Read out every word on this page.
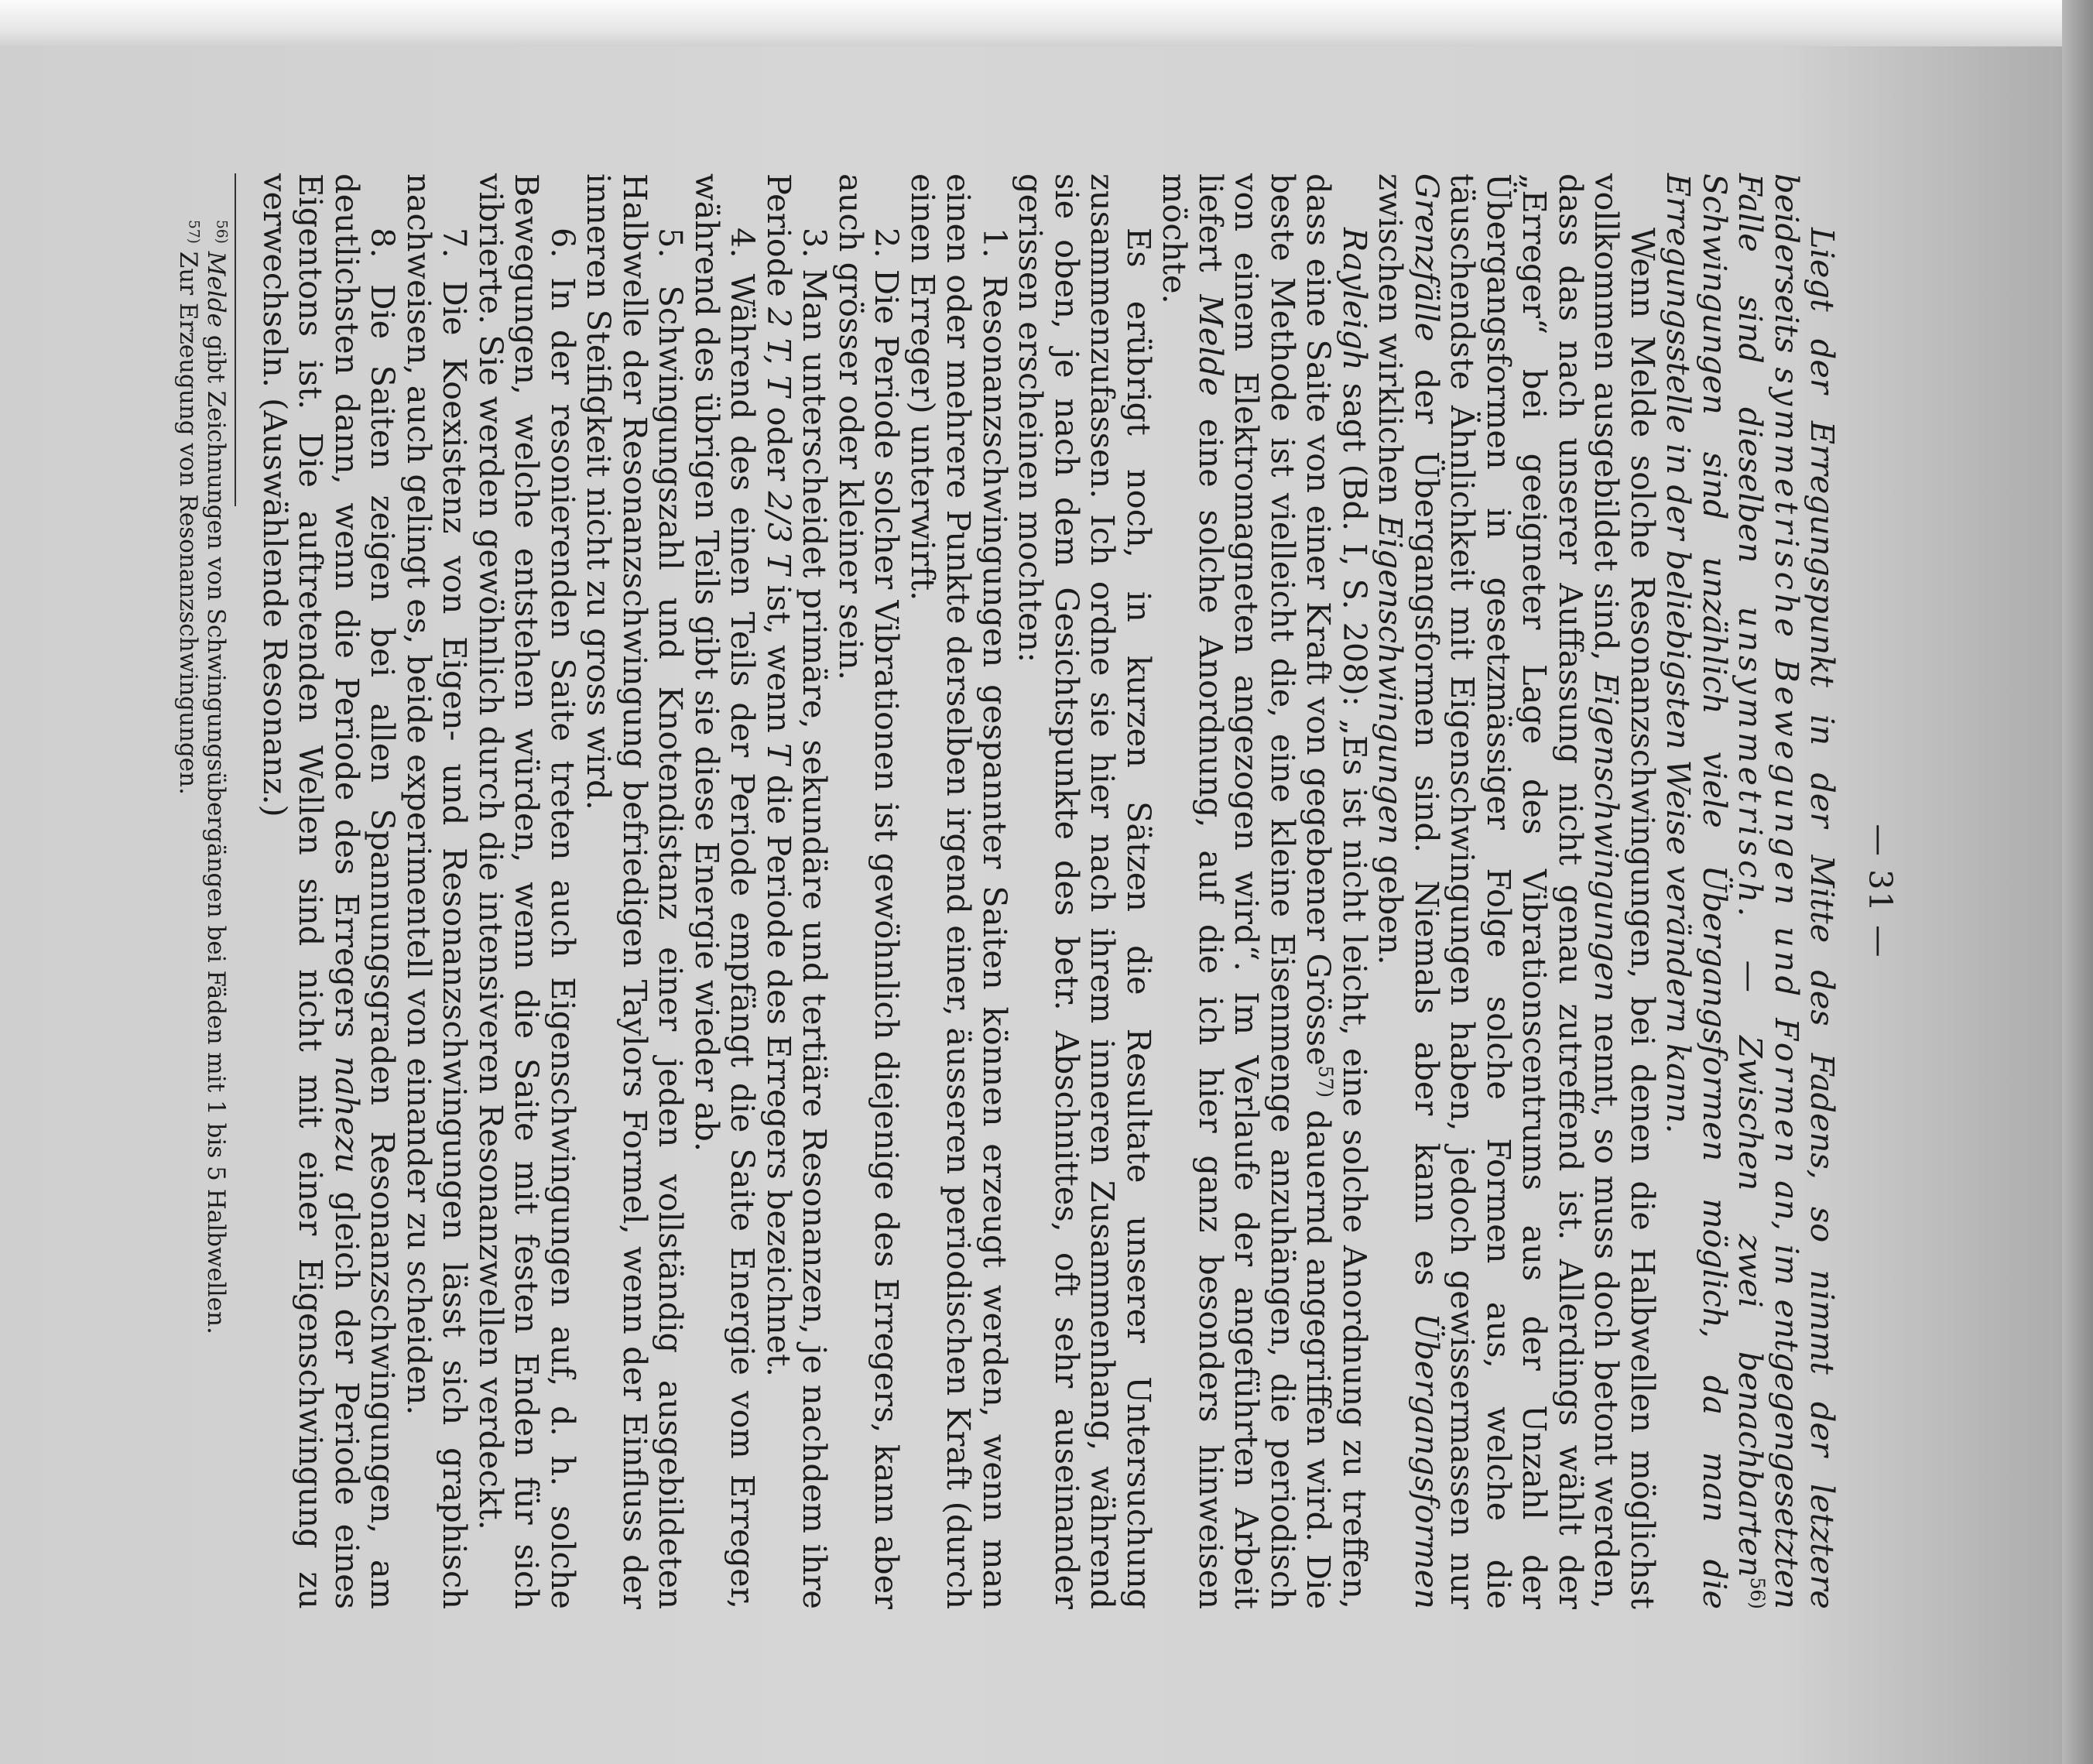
— 31 —

Liegt der Erregungspunkt in der Mitte des Fadens, so nimmt der letztere beiderseits symmetrische Bewegungen und Formen an, im entgegengesetzten Falle sind dieselben unsymmetrisch. — Zwischen zwei benachbarten$^{56)}$ Schwingungen sind unzählich viele Übergangsformen möglich, da man die Erregungsstelle in der beliebigsten Weise verändern kann.

Wenn Melde solche Resonanzschwingungen, bei denen die Halbwellen möglichst vollkommen ausgebildet sind, Eigenschwingungen nennt, so muss doch betont werden, dass das nach unserer Auffassung nicht genau zutreffend ist. Allerdings wählt der „Erreger“ bei geeigneter Lage des Vibrationscentrums aus der Unzahl der Übergangsformen in gesetzmässiger Folge solche Formen aus, welche die täuschendste Ähnlichkeit mit Eigenschwingungen haben, jedoch gewissermassen nur Grenzfälle der Übergangsformen sind. Niemals aber kann es Übergangsformen zwischen wirklichen Eigenschwingungen geben.

Rayleigh sagt (Bd. I, S. 208): „Es ist nicht leicht, eine solche Anordnung zu treffen, dass eine Saite von einer Kraft von gegebener Grösse$^{57)}$ dauernd angegriffen wird. Die beste Methode ist vielleicht die, eine kleine Eisenmenge anzuhängen, die periodisch von einem Elektromagneten angezogen wird“. Im Verlaufe der angeführten Arbeit liefert Melde eine solche Anordnung, auf die ich hier ganz besonders hinweisen möchte.

Es erübrigt noch, in kurzen Sätzen die Resultate unserer Untersuchung zusammenzufassen. Ich ordne sie hier nach ihrem inneren Zusammenhang, während sie oben, je nach dem Gesichtspunkte des betr. Abschnittes, oft sehr auseinander gerissen erscheinen mochten:

1. Resonanzschwingungen gespannter Saiten können erzeugt werden, wenn man einen oder mehrere Punkte derselben irgend einer, äusseren periodischen Kraft (durch einen Erreger) unterwirft.

2. Die Periode solcher Vibrationen ist gewöhnlich diejenige des Erregers, kann aber auch grösser oder kleiner sein.

3. Man unterscheidet primäre, sekundäre und tertiäre Resonanzen, je nachdem ihre Periode 2 T, T oder 2/3 T ist, wenn T die Periode des Erregers bezeichnet.

4. Während des einen Teils der Periode empfängt die Saite Energie vom Erreger, während des übrigen Teils gibt sie diese Energie wieder ab.

5. Schwingungszahl und Knotendistanz einer jeden vollständig ausgebildeten Halbwelle der Resonanzschwingung befriedigen Taylors Formel, wenn der Einfluss der inneren Steifigkeit nicht zu gross wird.

6. In der resonierenden Saite treten auch Eigenschwingungen auf, d. h. solche Bewegungen, welche entstehen würden, wenn die Saite mit festen Enden für sich vibrierte. Sie werden gewöhnlich durch die intensiveren Resonanzwellen verdeckt.

7. Die Koexistenz von Eigen- und Resonanzschwingungen lässt sich graphisch nachweisen, auch gelingt es, beide experimentell von einander zu scheiden.

8. Die Saiten zeigen bei allen Spannungsgraden Resonanzschwingungen, am deutlichsten dann, wenn die Periode des Erregers nahezu gleich der Periode eines Eigentons ist. Die auftretenden Wellen sind nicht mit einer Eigenschwingung zu verwechseln. (Auswählende Resonanz.)

$^{56)}$ Melde gibt Zeichnungen von Schwingungsübergängen bei Fäden mit 1 bis 5 Halbwellen.

$^{57)}$ Zur Erzeugung von Resonanzschwingungen.
